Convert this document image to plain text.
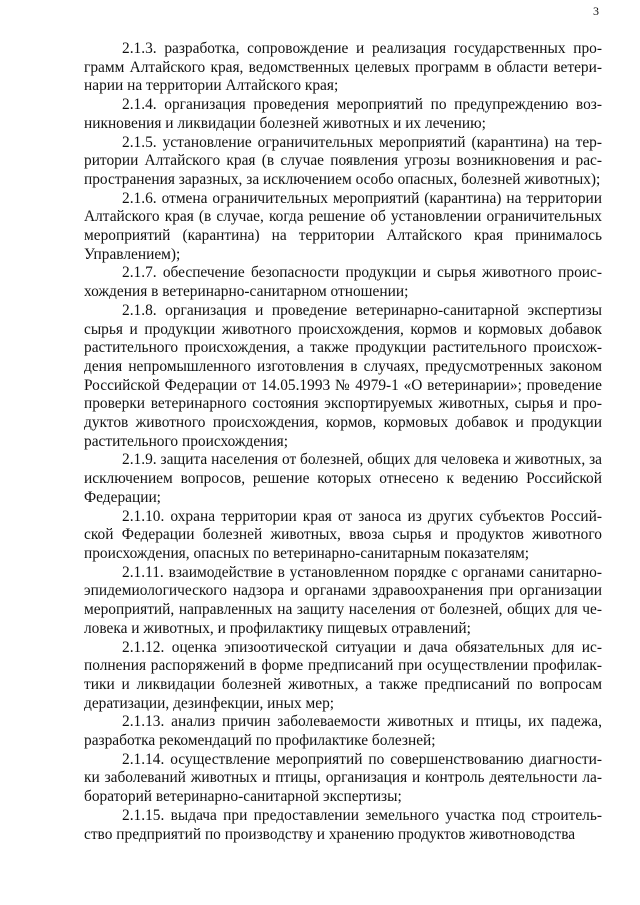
3

2.1.3. разработка, сопровождение и реализация государственных программ Алтайского края, ведомственных целевых программ в области ветеринарии на территории Алтайского края;

2.1.4. организация проведения мероприятий по предупреждению возникновения и ликвидации болезней животных и их лечению;

2.1.5. установление ограничительных мероприятий (карантина) на территории Алтайского края (в случае появления угрозы возникновения и распространения заразных, за исключением особо опасных, болезней животных);

2.1.6. отмена ограничительных мероприятий (карантина) на территории Алтайского края (в случае, когда решение об установлении ограничительных мероприятий (карантина) на территории Алтайского края принималось Управлением);

2.1.7. обеспечение безопасности продукции и сырья животного происхождения в ветеринарно-санитарном отношении;

2.1.8. организация и проведение ветеринарно-санитарной экспертизы сырья и продукции животного происхождения, кормов и кормовых добавок растительного происхождения, а также продукции растительного происхождения непромышленного изготовления в случаях, предусмотренных законом Российской Федерации от 14.05.1993 № 4979-1 «О ветеринарии»; проведение проверки ветеринарного состояния экспортируемых животных, сырья и продуктов животного происхождения, кормов, кормовых добавок и продукции растительного происхождения;

2.1.9. защита населения от болезней, общих для человека и животных, за исключением вопросов, решение которых отнесено к ведению Российской Федерации;

2.1.10. охрана территории края от заноса из других субъектов Российской Федерации болезней животных, ввоза сырья и продуктов животного происхождения, опасных по ветеринарно-санитарным показателям;

2.1.11. взаимодействие в установленном порядке с органами санитарно-эпидемиологического надзора и органами здравоохранения при организации мероприятий, направленных на защиту населения от болезней, общих для человека и животных, и профилактику пищевых отравлений;

2.1.12. оценка эпизоотической ситуации и дача обязательных для исполнения распоряжений в форме предписаний при осуществлении профилактики и ликвидации болезней животных, а также предписаний по вопросам дератизации, дезинфекции, иных мер;

2.1.13. анализ причин заболеваемости животных и птицы, их падежа, разработка рекомендаций по профилактике болезней;

2.1.14. осуществление мероприятий по совершенствованию диагностики заболеваний животных и птицы, организация и контроль деятельности лабораторий ветеринарно-санитарной экспертизы;

2.1.15. выдача при предоставлении земельного участка под строительство предприятий по производству и хранению продуктов животноводства
